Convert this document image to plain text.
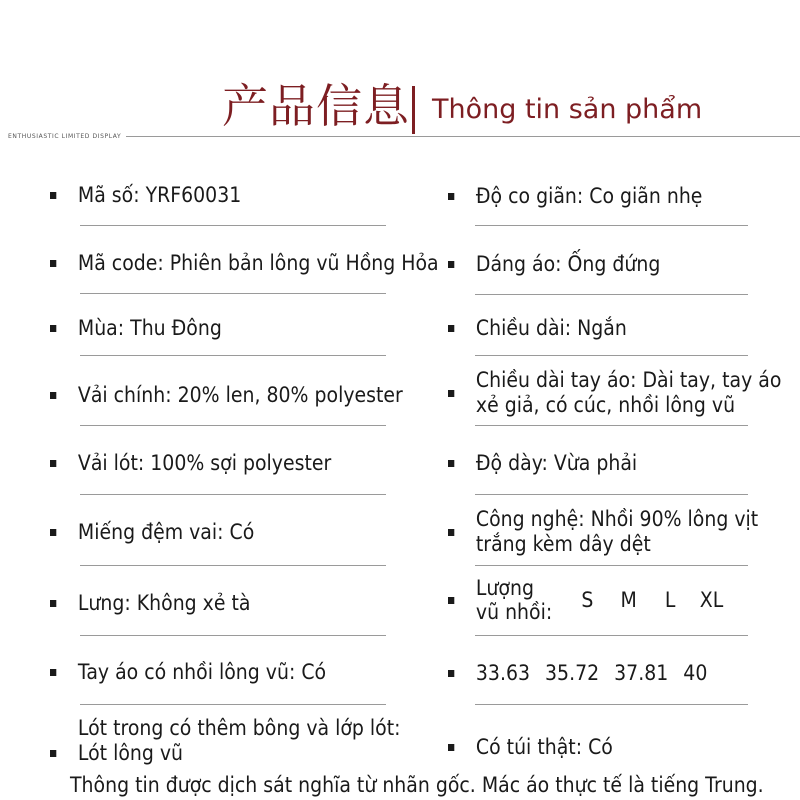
产品信息 Thông tin sản phẩm
ENTHUSIASTIC LIMITED DISPLAY
Mã số: YRF60031
Mã code: Phiên bản lông vũ Hồng Hỏa
Mùa: Thu Đông
Vải chính: 20% len, 80% polyester
Vải lót: 100% sợi polyester
Miếng đệm vai: Có
Lưng: Không xẻ tà
Tay áo có nhồi lông vũ: Có
Lót trong có thêm bông và lớp lót:
Lót lông vũ
Độ co giãn: Co giãn nhẹ
Dáng áo: Ống đứng
Chiều dài: Ngắn
Chiều dài tay áo: Dài tay, tay áo
xẻ giả, có cúc, nhồi lông vũ
Độ dày: Vừa phải
Công nghệ: Nhồi 90% lông vịt
trắng kèm dây dệt
Lượng
vũ nhồi:
S	M	L	XL
33.63 35.72 37.81 40
Có túi thật: Có
Thông tin được dịch sát nghĩa từ nhãn gốc. Mác áo thực tế là tiếng Trung.
